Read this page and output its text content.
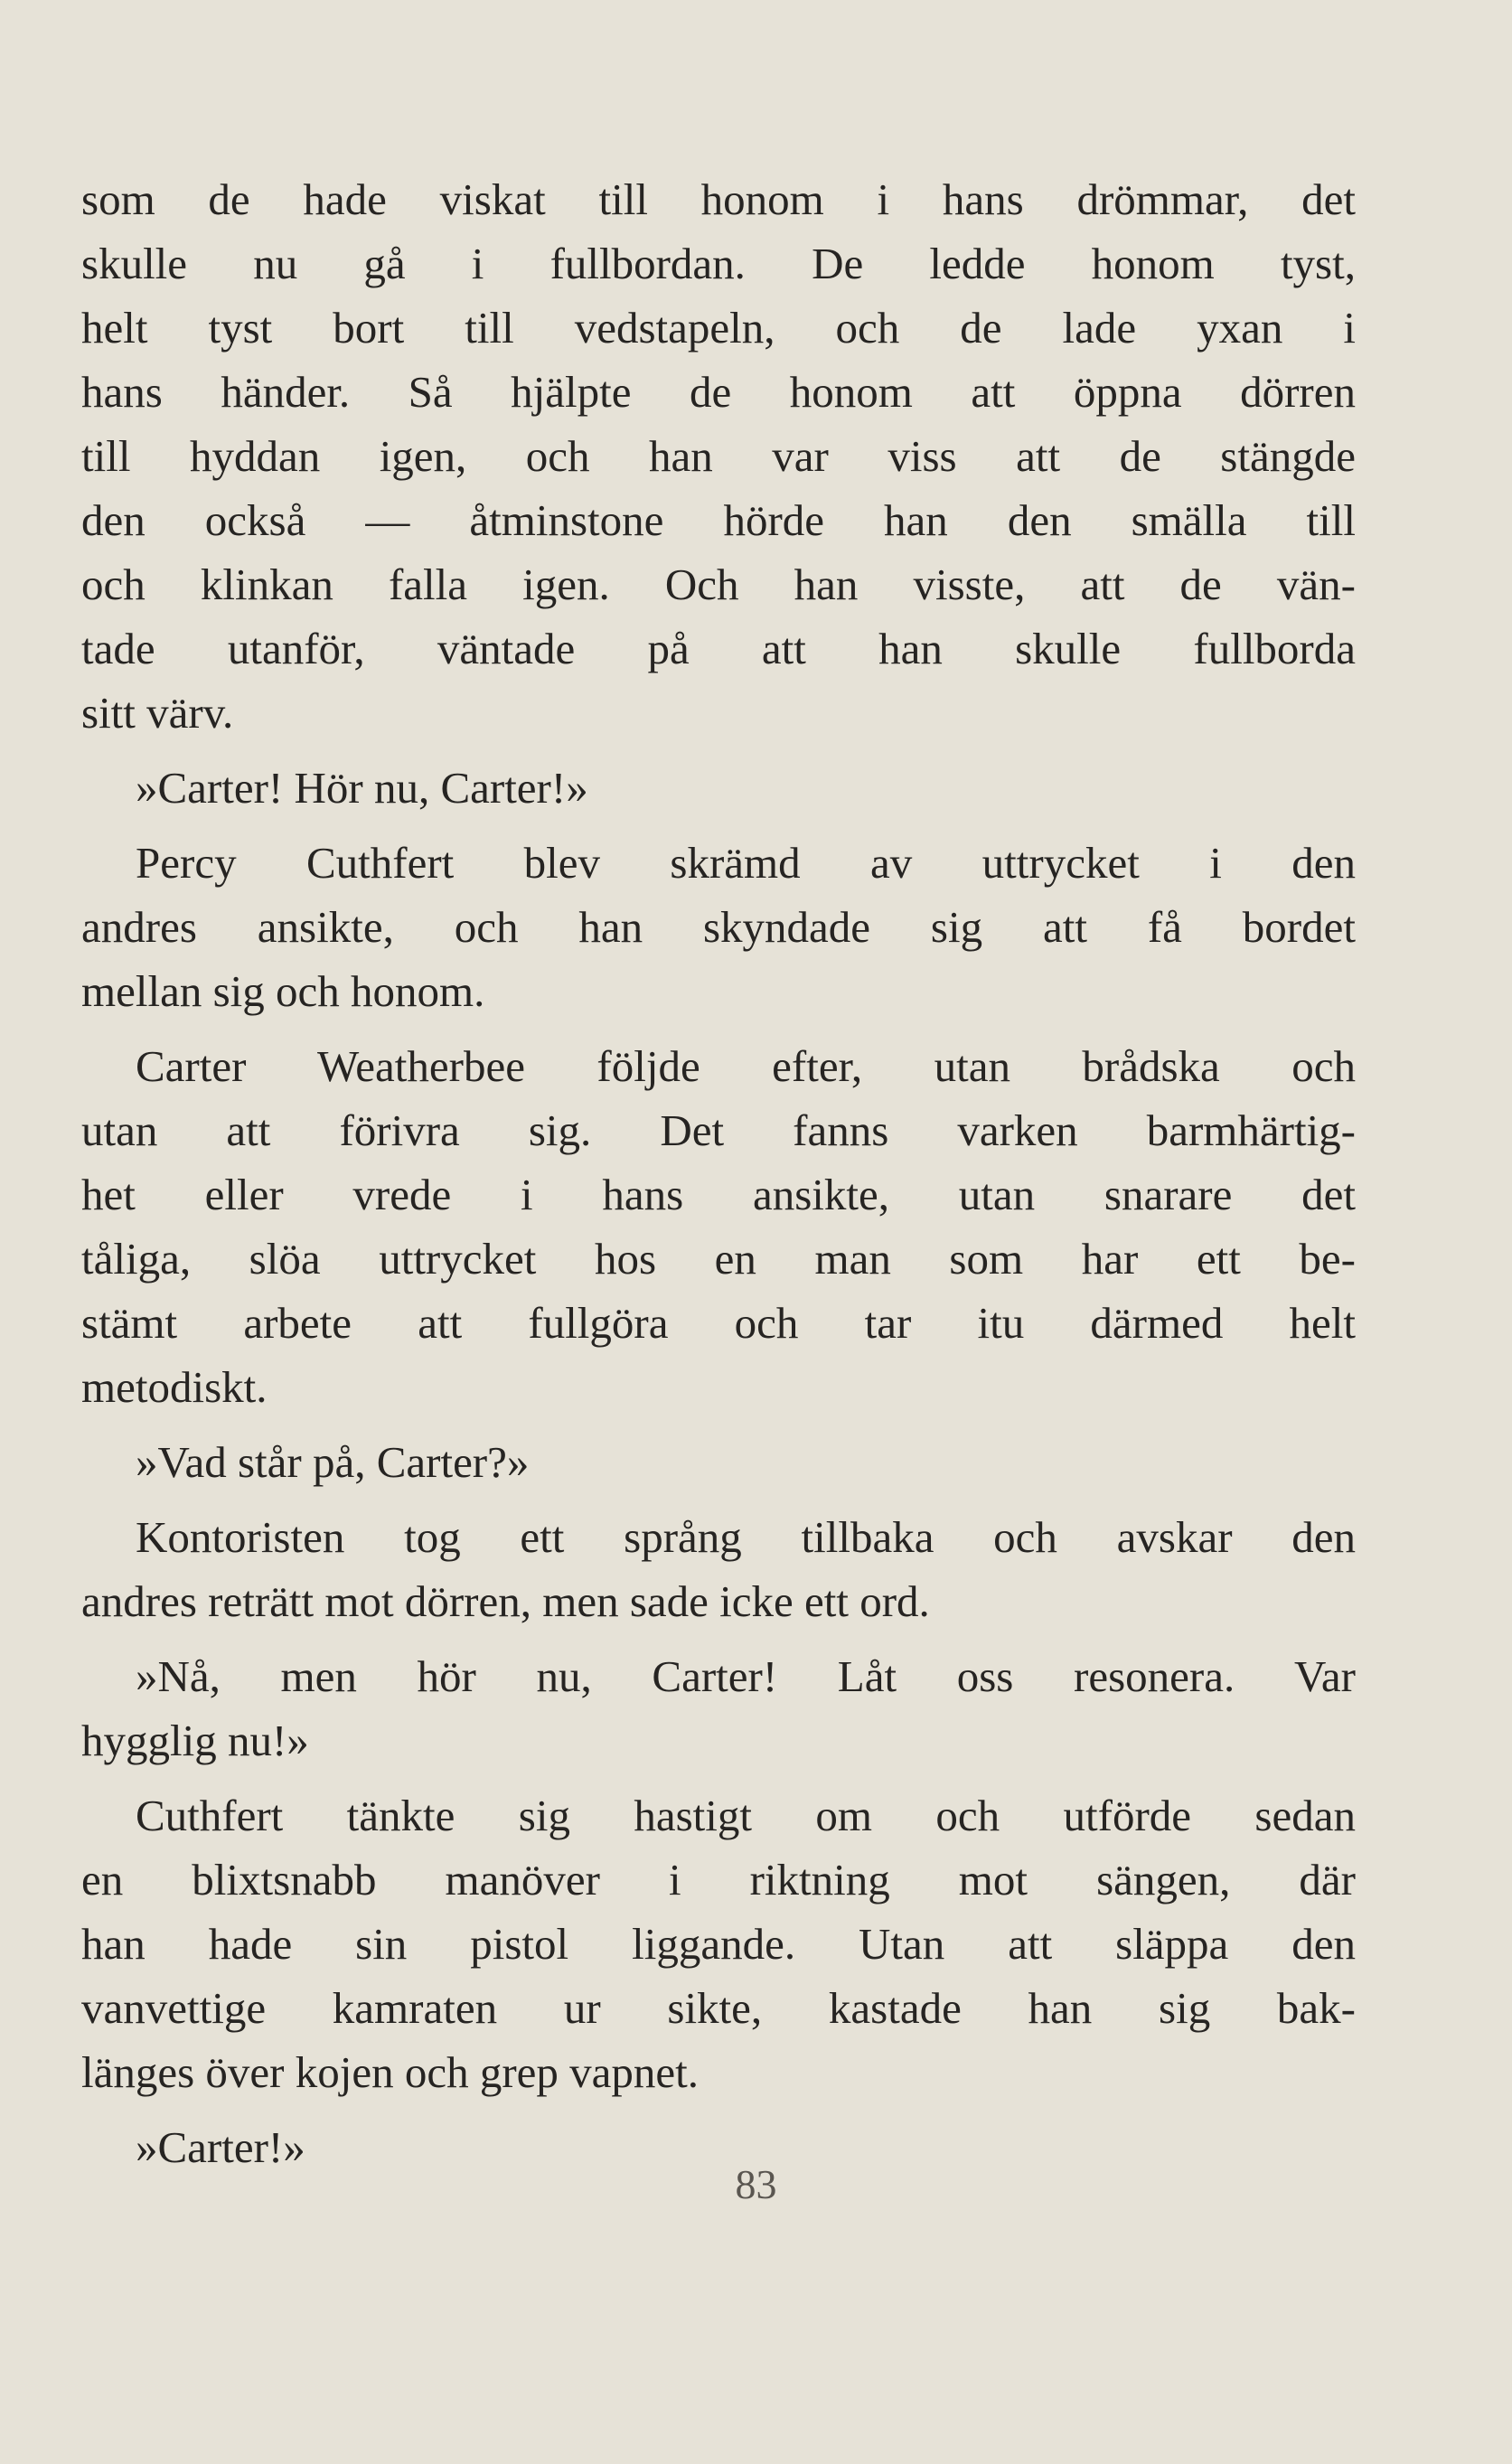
som de hade viskat till honom i hans drömmar, det
skulle nu gå i fullbordan. De ledde honom tyst,
helt tyst bort till vedstapeln, och de lade yxan i
hans händer. Så hjälpte de honom att öppna dörren
till hyddan igen, och han var viss att de stängde
den också — åtminstone hörde han den smälla till
och klinkan falla igen. Och han visste, att de vän-
tade utanför, väntade på att han skulle fullborda
sitt värv.
»Carter! Hör nu, Carter!»
Percy Cuthfert blev skrämd av uttrycket i den
andres ansikte, och han skyndade sig att få bordet
mellan sig och honom.
Carter Weatherbee följde efter, utan brådska och
utan att förivra sig. Det fanns varken barmhärtig-
het eller vrede i hans ansikte, utan snarare det
tåliga, slöa uttrycket hos en man som har ett be-
stämt arbete att fullgöra och tar itu därmed helt
metodiskt.
»Vad står på, Carter?»
Kontoristen tog ett språng tillbaka och avskar den
andres reträtt mot dörren, men sade icke ett ord.
»Nå, men hör nu, Carter! Låt oss resonera. Var
hygglig nu!»
Cuthfert tänkte sig hastigt om och utförde sedan
en blixtsnabb manöver i riktning mot sängen, där
han hade sin pistol liggande. Utan att släppa den
vanvettige kamraten ur sikte, kastade han sig bak-
länges över kojen och grep vapnet.
»Carter!»
83
